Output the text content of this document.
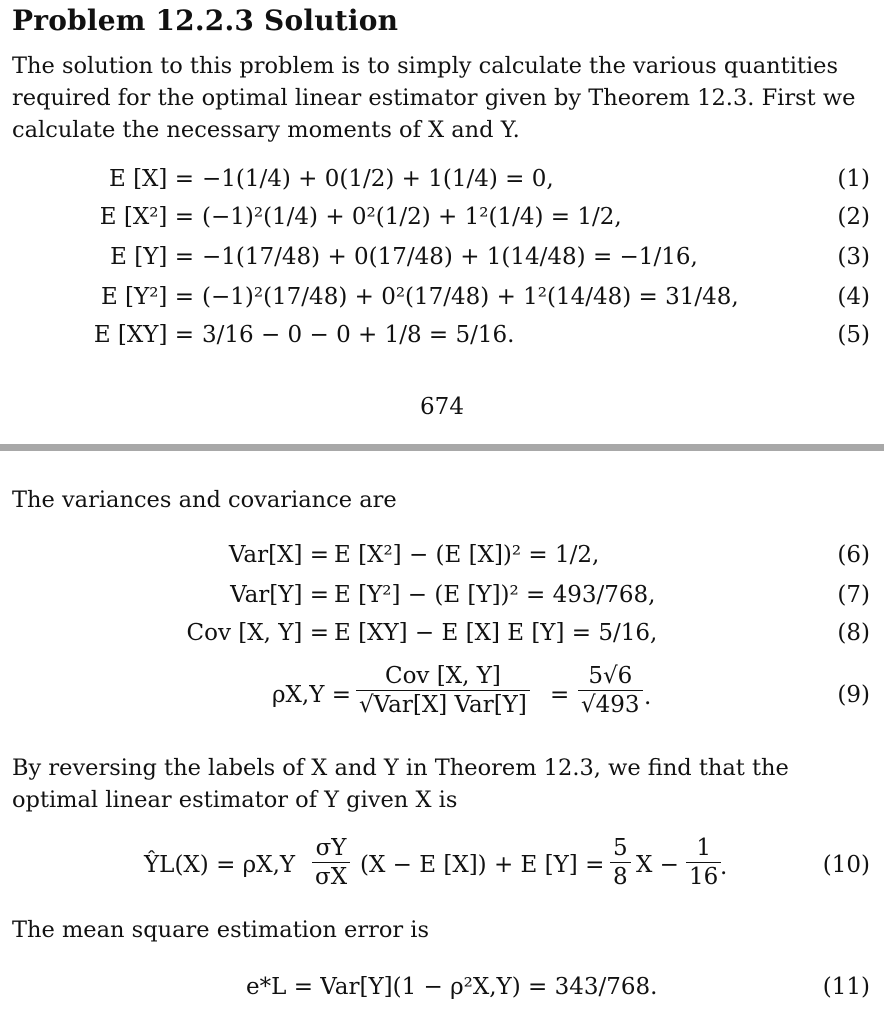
Problem 12.2.3 Solution

The solution to this problem is to simply calculate the various quantities required for the optimal linear estimator given by Theorem 12.3. First we calculate the necessary moments of X and Y.

E [X] = −1(1/4) + 0(1/2) + 1(1/4) = 0,	(1)
E [X²] = (−1)²(1/4) + 0²(1/2) + 1²(1/4) = 1/2,	(2)
E [Y] = −1(17/48) + 0(17/48) + 1(14/48) = −1/16,	(3)
E [Y²] = (−1)²(17/48) + 0²(17/48) + 1²(14/48) = 31/48,	(4)
E [XY] = 3/16 − 0 − 0 + 1/8 = 5/16.	(5)
674

The variances and covariance are

Var[X] = E [X²] − (E [X])² = 1/2,	(6)
Var[Y] = E [Y²] − (E [Y])² = 493/768,	(7)
Cov [X, Y] = E [XY] − E [X] E [Y] = 5/16,	(8)
$\rho X,Y = \frac{\text{Cov [X, Y]}}{\text{√Var[X] Var[Y]}} = \frac{5√6}{√493}$ .	(9)

By reversing the labels of X and Y in Theorem 12.3, we find that the optimal linear estimator of Y given X is

ŶL(X) = $\rho X,Y \frac{\sigma Y}{\sigma X} (X - E$ [X]) + E $[Y] = \frac{5}{8}$ $X - \frac{1}{16}$
.	(10)

The mean square estimation error is

e*L = Var[Y](1 − ρ²X,Y) = 343/768.	(11)
